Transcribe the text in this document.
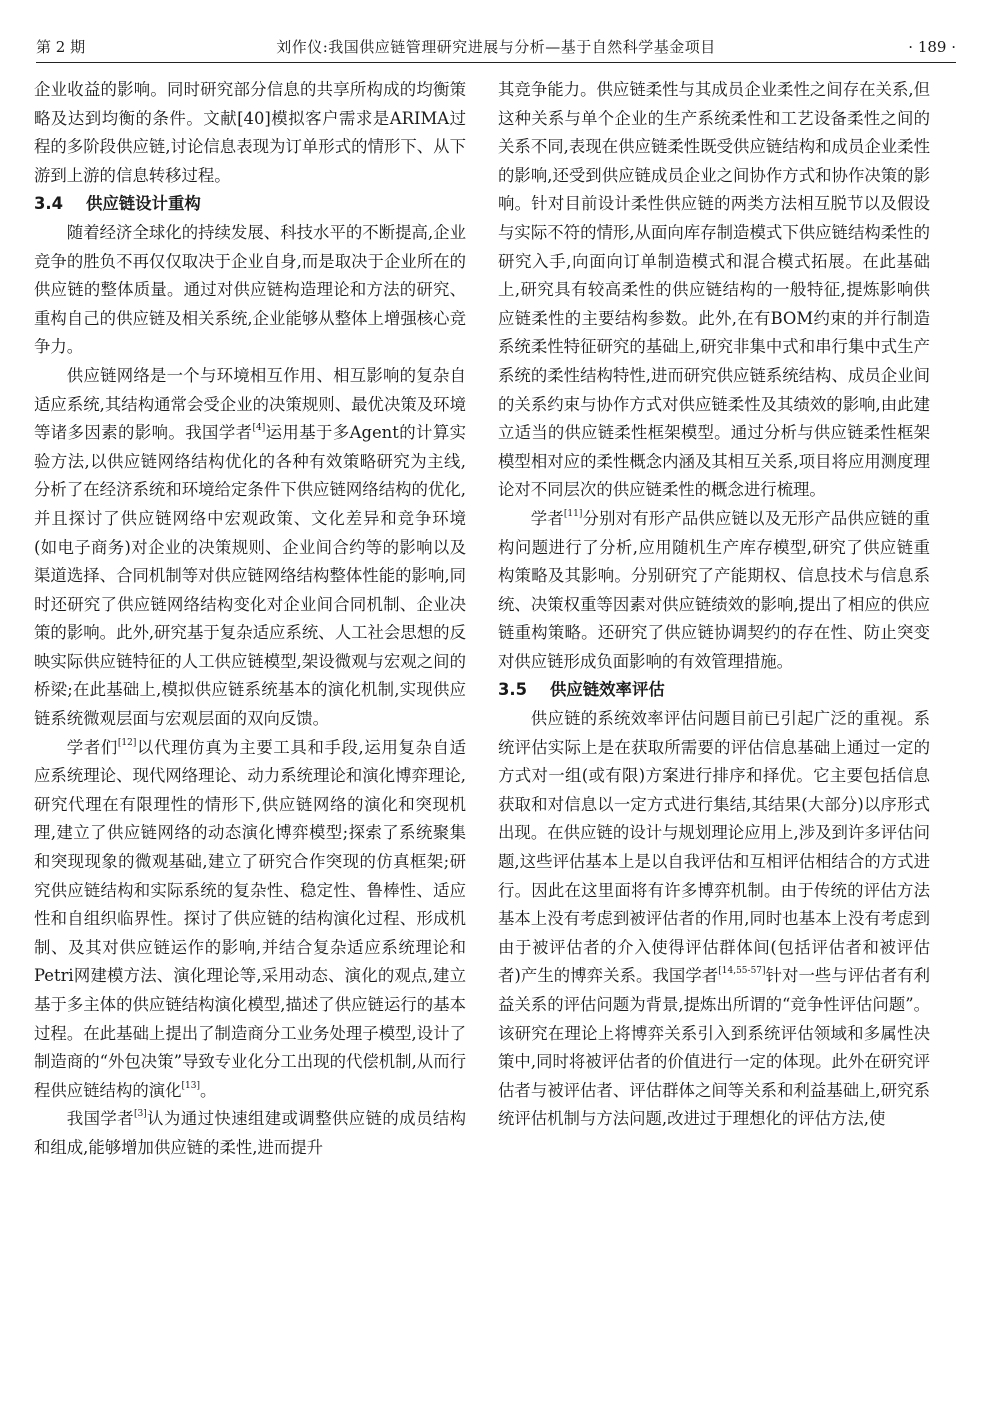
第 2 期	刘作仪:我国供应链管理研究进展与分析—基于自然科学基金项目	· 189 ·

企业收益的影响。同时研究部分信息的共享所构成的均衡策略及达到均衡的条件。文献[40]模拟客户需求是ARIMA过程的多阶段供应链,讨论信息表现为订单形式的情形下、从下游到上游的信息转移过程。

3.4 供应链设计重构

随着经济全球化的持续发展、科技水平的不断提高,企业竞争的胜负不再仅仅取决于企业自身,而是取决于企业所在的供应链的整体质量。通过对供应链构造理论和方法的研究、重构自己的供应链及相关系统,企业能够从整体上增强核心竞争力。

供应链网络是一个与环境相互作用、相互影响的复杂自适应系统,其结构通常会受企业的决策规则、最优决策及环境等诸多因素的影响。我国学者[4]运用基于多Agent的计算实验方法,以供应链网络结构优化的各种有效策略研究为主线,分析了在经济系统和环境给定条件下供应链网络结构的优化,并且探讨了供应链网络中宏观政策、文化差异和竞争环境(如电子商务)对企业的决策规则、企业间合约等的影响以及渠道选择、合同机制等对供应链网络结构整体性能的影响,同时还研究了供应链网络结构变化对企业间合同机制、企业决策的影响。此外,研究基于复杂适应系统、人工社会思想的反映实际供应链特征的人工供应链模型,架设微观与宏观之间的桥梁;在此基础上,模拟供应链系统基本的演化机制,实现供应链系统微观层面与宏观层面的双向反馈。

学者们[12]以代理仿真为主要工具和手段,运用复杂自适应系统理论、现代网络理论、动力系统理论和演化博弈理论,研究代理在有限理性的情形下,供应链网络的演化和突现机理,建立了供应链网络的动态演化博弈模型;探索了系统聚集和突现现象的微观基础,建立了研究合作突现的仿真框架;研究供应链结构和实际系统的复杂性、稳定性、鲁棒性、适应性和自组织临界性。探讨了供应链的结构演化过程、形成机制、及其对供应链运作的影响,并结合复杂适应系统理论和Petri网建模方法、演化理论等,采用动态、演化的观点,建立基于多主体的供应链结构演化模型,描述了供应链运行的基本过程。在此基础上提出了制造商分工业务处理子模型,设计了制造商的“外包决策”导致专业化分工出现的代偿机制,从而行程供应链结构的演化[13]。

我国学者[3]认为通过快速组建或调整供应链的成员结构和组成,能够增加供应链的柔性,进而提升

其竞争能力。供应链柔性与其成员企业柔性之间存在关系,但这种关系与单个企业的生产系统柔性和工艺设备柔性之间的关系不同,表现在供应链柔性既受供应链结构和成员企业柔性的影响,还受到供应链成员企业之间协作方式和协作决策的影响。针对目前设计柔性供应链的两类方法相互脱节以及假设与实际不符的情形,从面向库存制造模式下供应链结构柔性的研究入手,向面向订单制造模式和混合模式拓展。在此基础上,研究具有较高柔性的供应链结构的一般特征,提炼影响供应链柔性的主要结构参数。此外,在有BOM约束的并行制造系统柔性特征研究的基础上,研究非集中式和串行集中式生产系统的柔性结构特性,进而研究供应链系统结构、成员企业间的关系约束与协作方式对供应链柔性及其绩效的影响,由此建立适当的供应链柔性框架模型。通过分析与供应链柔性框架模型相对应的柔性概念内涵及其相互关系,项目将应用测度理论对不同层次的供应链柔性的概念进行梳理。

学者[11]分别对有形产品供应链以及无形产品供应链的重构问题进行了分析,应用随机生产库存模型,研究了供应链重构策略及其影响。分别研究了产能期权、信息技术与信息系统、决策权重等因素对供应链绩效的影响,提出了相应的供应链重构策略。还研究了供应链协调契约的存在性、防止突变对供应链形成负面影响的有效管理措施。

3.5 供应链效率评估

供应链的系统效率评估问题目前已引起广泛的重视。系统评估实际上是在获取所需要的评估信息基础上通过一定的方式对一组(或有限)方案进行排序和择优。它主要包括信息获取和对信息以一定方式进行集结,其结果(大部分)以序形式出现。在供应链的设计与规划理论应用上,涉及到许多评估问题,这些评估基本上是以自我评估和互相评估相结合的方式进行。因此在这里面将有许多博弈机制。由于传统的评估方法基本上没有考虑到被评估者的作用,同时也基本上没有考虑到由于被评估者的介入使得评估群体间(包括评估者和被评估者)产生的博弈关系。我国学者[14,55-57]针对一些与评估者有利益关系的评估问题为背景,提炼出所谓的“竞争性评估问题”。该研究在理论上将博弈关系引入到系统评估领域和多属性决策中,同时将被评估者的价值进行一定的体现。此外在研究评估者与被评估者、评估群体之间等关系和利益基础上,研究系统评估机制与方法问题,改进过于理想化的评估方法,使
